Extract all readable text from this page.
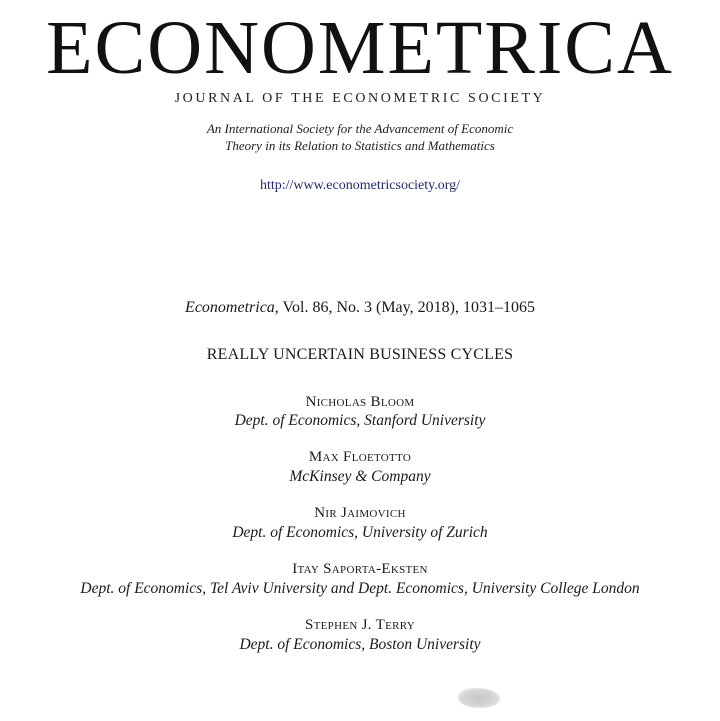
ECONOMETRICA
JOURNAL OF THE ECONOMETRIC SOCIETY
An International Society for the Advancement of Economic
Theory in its Relation to Statistics and Mathematics
http://www.econometricsociety.org/
Econometrica, Vol. 86, No. 3 (May, 2018), 1031–1065
REALLY UNCERTAIN BUSINESS CYCLES
Nicholas Bloom
Dept. of Economics, Stanford University
Max Floetotto
McKinsey & Company
Nir Jaimovich
Dept. of Economics, University of Zurich
Itay Saporta-Eksten
Dept. of Economics, Tel Aviv University and Dept. Economics, University College London
Stephen J. Terry
Dept. of Economics, Boston University
